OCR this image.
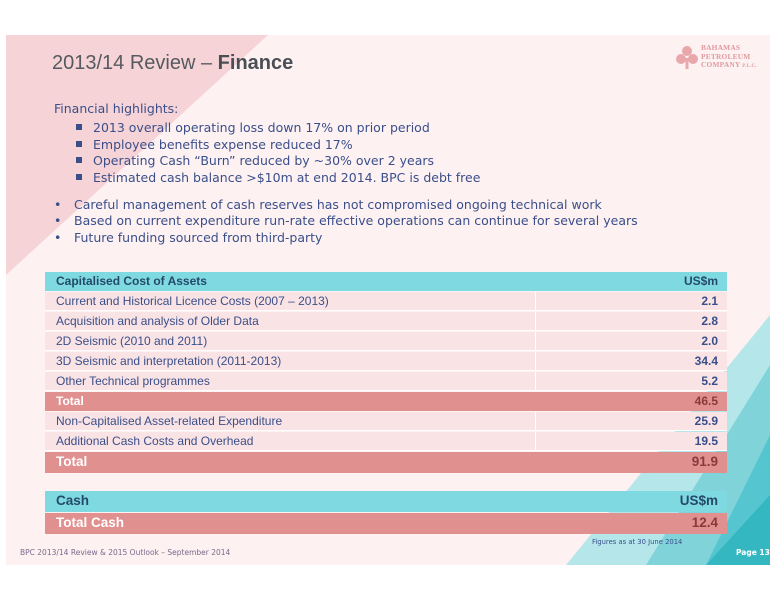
2013/14 Review – Finance
BAHAMAS
PETROLEUM
COMPANY P.L.C.
Financial highlights:
2013 overall operating loss down 17% on prior period
Employee benefits expense reduced 17%
Operating Cash “Burn” reduced by ~30% over 2 years
Estimated cash balance >$10m at end 2014. BPC is debt free
• Careful management of cash reserves has not compromised ongoing technical work
• Based on current expenditure run-rate effective operations can continue for several years
• Future funding sourced from third-party
Capitalised Cost of Assets	US$m
Current and Historical Licence Costs (2007 – 2013)	2.1
Acquisition and analysis of Older Data	2.8
2D Seismic (2010 and 2011)	2.0
3D Seismic and interpretation (2011-2013)	34.4
Other Technical programmes	5.2
Total	46.5
Non-Capitalised Asset-related Expenditure	25.9
Additional Cash Costs and Overhead	19.5
Total	91.9
Cash	US$m
Total Cash	12.4
Figures as at 30 June 2014
BPC 2013/14 Review & 2015 Outlook – September 2014	Page 13
